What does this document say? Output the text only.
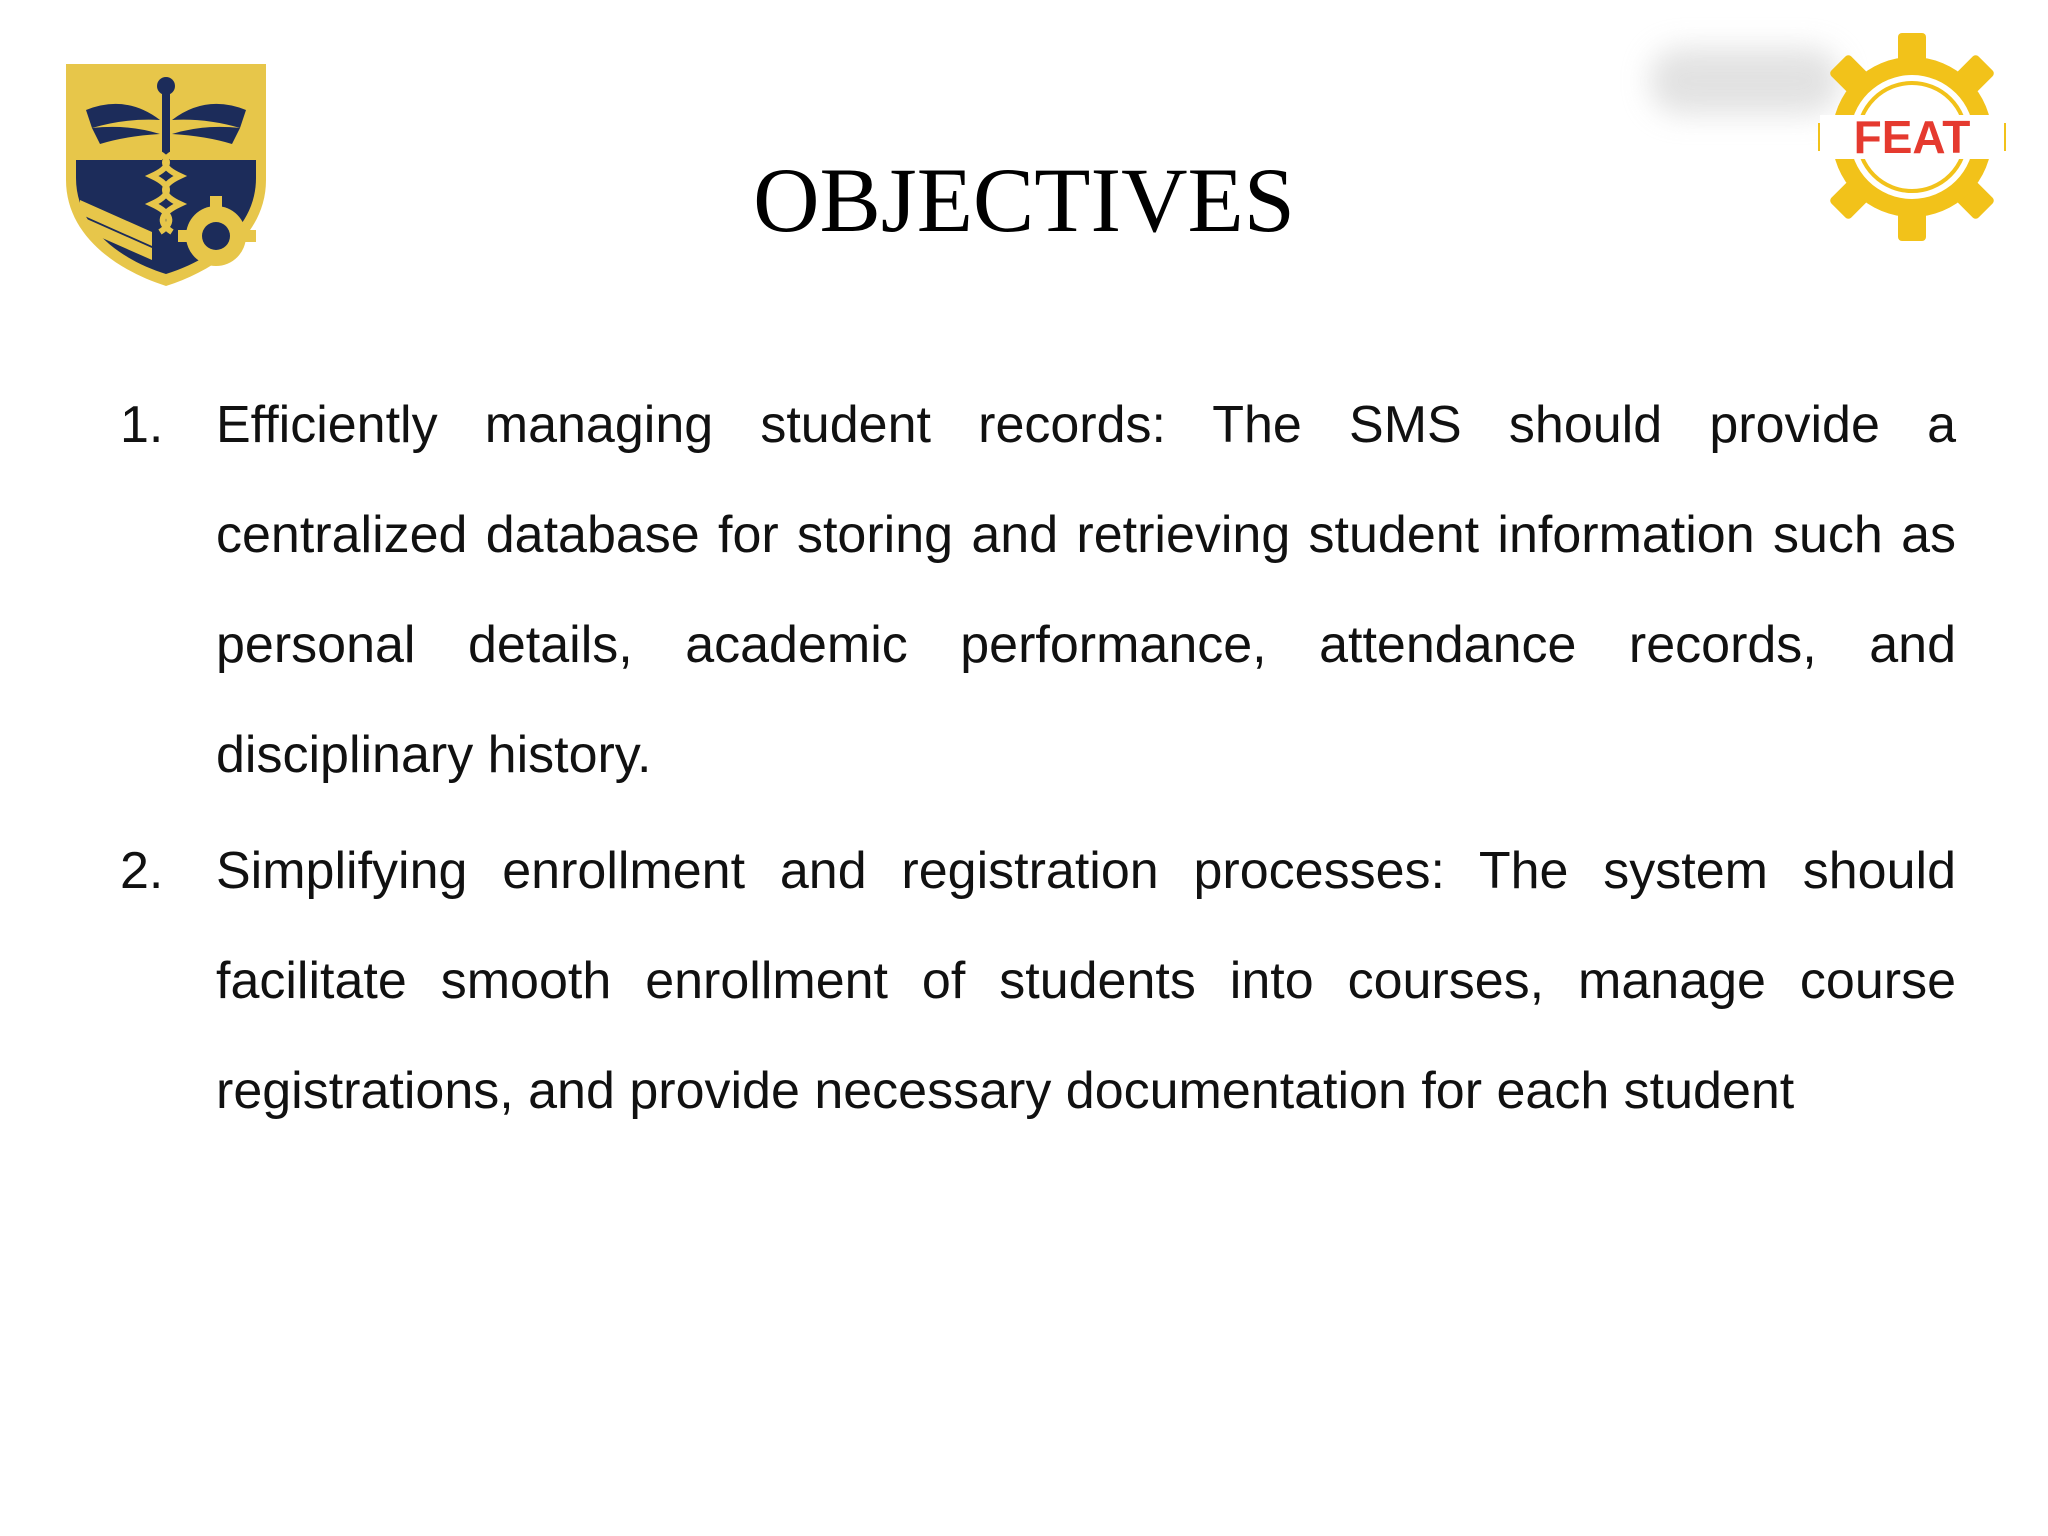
FEAT
OBJECTIVES
1. Efficiently managing student records: The SMS should provide a centralized database for storing and retrieving student information such as personal details, academic performance, attendance records, and disciplinary history.
2. Simplifying enrollment and registration processes: The system should facilitate smooth enrollment of students into courses, manage course registrations, and provide necessary documentation for each student
